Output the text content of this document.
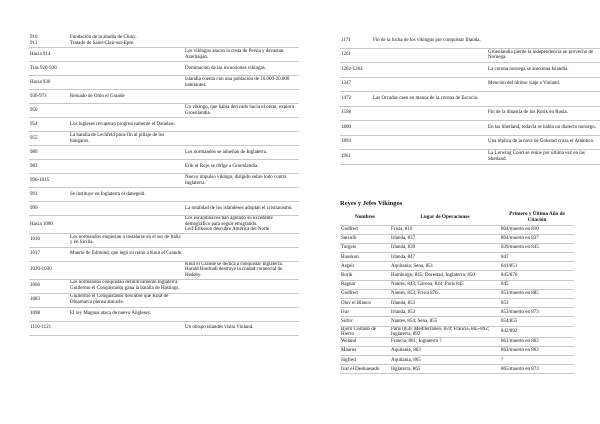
910
911	Fundación de la abadía de Cluny.
Tratado de Saint-Clair-sur-Epte.	
Hacia 914		Los vikingos atacan la costa de Persia y devastan Azerbaiján.
Tras 920-930		Dominación de las incursiones vikingas.
Hacia 930		Islandia cuenta con una población de 16.000-20.000 habitantes.
936-973	Reinado de Otón el Grande	
950		Un vikingo, que había derivado hacia el oeste, explora Groenlandia.
954	Los ingleses recuperan progresivamente el Danelaw.	
955	La batalla de Lechfeld pone fin al pillaje de los húngaros.	
980		Los normandos se adueñan de Inglaterra.
983		Erik el Rojo se dirige a Groenlandia.
990-1015		Nuevo impulso vikingo, dirigido sobre todo contra Inglaterra.
991	Se instituye en Inglaterra el danegeld.	
999		La totalidad de los islandeses adoptan el cristianismo.
Hacia 1000		Los escandinavos han agotado su excedente demográfico para seguir emigrando.
Leif Eriksson descubre América del Norte.
1016	Los normandos empiezan a instalarse en el sur de Italia y en Sicilia.	
1017	Muerte de Edmund, que legó su reino a Knut el Grande.	
1020-1030		Knut el Grande se dedica a conquistar Inglaterra.
Harald Hardradi destruye la ciudad comercial de Hedeby.
1066	Los normandos conquistan definitivamente Inglaterra. Guillermo el Conquistador gana la batalla de Hastings.	
1083	Guillermo el Conquistador descubre que Knut de Dinamarca piensa atacarle.	
1098	El rey Magnus ataca de nuevo Anglesey.	
1110-1121		Un obispo islandés visita Vinland.
1171	Fin de la lucha de los vikingos por conquistar Irlanda.	
1261		Groenlandia pierde la independencia en provecho de Noruega.
1262-1264		La corona noruega se anexiona Islandia.
1347		Mención del último viaje a Vinland.
1472	Las Orcadas caen en manos de la corona de Escocia.	
1598		Fin de la dinastía de los Rurik en Rusia.
1800		En las Shetland, todavía se habla un dialecto noruego.
1893		Una réplica de la nave de Gokstad cruza el Atlántico.
1961		La Lerwing Court se reúne por última vez en las Shetland.
Reyes y Jefes Vikingos
Nombres	Lugar de Operaciones	Primero y Último Año de Citación
Godfred	Frisia, 810	804/muerto en 810
Sœxulb	Irlanda, 837	804/muerto en 837
Turgeis	Irlanda, 839	839/muerto en 845
Hauskon	Irlanda, 847	847
Asgeir	Aquitania; Sena, 851	841/851
Rorik	Hamburgo, 845; Dorestad, Inglaterra, 850	845/876
Ragnar	Nantes, 843; Garona, 844; París 845	845
Godfred	Nantes, 853; Frisia 876	853/muerto en 885
Olav el Blanco	Irlanda, 853	853
Ivar	Irlanda, 853	853/muerto en 873
Sidric	Nantes, 854; Sena, 855	854/855
Björn Costado de Hierro	París (856; Mediterráneo, 859; Francia, 865-892; Inglaterra, 892	842/892
Weland	Francia, 861; Inglaterra ?	861/muerto en 863
Maurus	Aquitania, 863	863/muerto en 863
Sigfred	Aquitania, 865	?
Ivar el Deshuesado	Inglaterra, 865	865/muerto en 873
